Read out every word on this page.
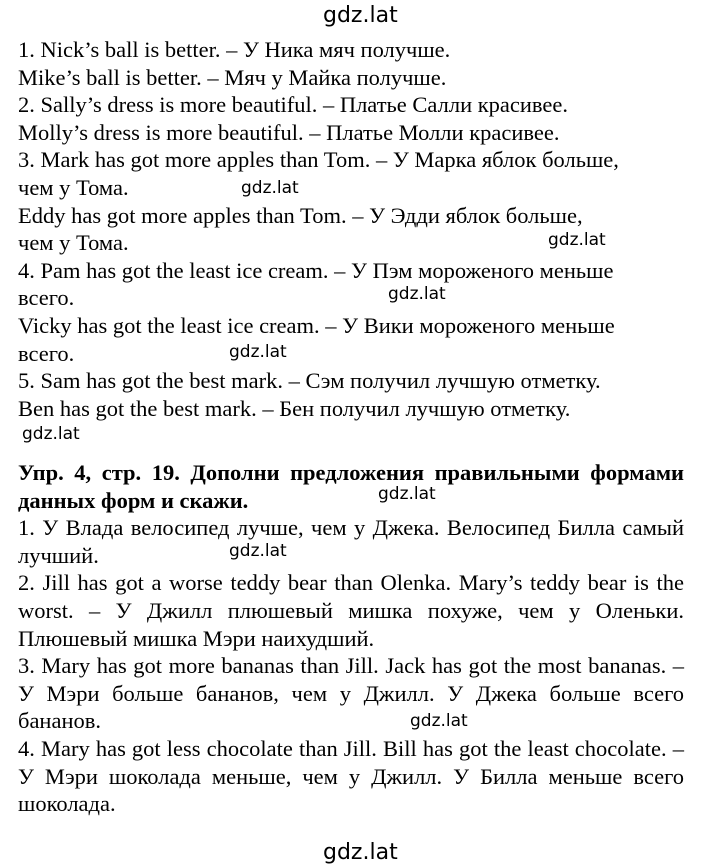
1. Nick’s ball is better. – У Ника мяч получше.
Mike’s ball is better. – Мяч у Майка получше.
2. Sally’s dress is more beautiful. – Платье Салли красивее.
Molly’s dress is more beautiful. – Платье Молли красивее.
3. Mark has got more apples than Tom. – У Марка яблок больше,
чем у Тома.
Eddy has got more apples than Tom. – У Эдди яблок больше,
чем у Тома.
4. Pam has got the least ice cream. – У Пэм мороженого меньше
всего.
Vicky has got the least ice cream. – У Вики мороженого меньше
всего.
5. Sam has got the best mark. – Сэм получил лучшую отметку.
Ben has got the best mark. – Бен получил лучшую отметку.
Упр. 4, стр. 19. Дополни предложения правильными формами данных форм и скажи.
1. У Влада велосипед лучше, чем у Джека. Велосипед Билла самый лучший.
2. Jill has got a worse teddy bear than Olenka. Mary’s teddy bear is the worst. – У Джилл плюшевый мишка похуже, чем у Оленьки. Плюшевый мишка Мэри наихудший.
3. Mary has got more bananas than Jill. Jack has got the most bananas. – У Мэри больше бананов, чем у Джилл. У Джека больше всего бананов.
4. Mary has got less chocolate than Jill. Bill has got the least chocolate. – У Мэри шоколада меньше, чем у Джилл. У Билла меньше всего шоколада.
gdz.lat
gdz.lat
gdz.lat
gdz.lat
gdz.lat
gdz.lat
gdz.lat
gdz.lat
gdz.lat
gdz.lat
